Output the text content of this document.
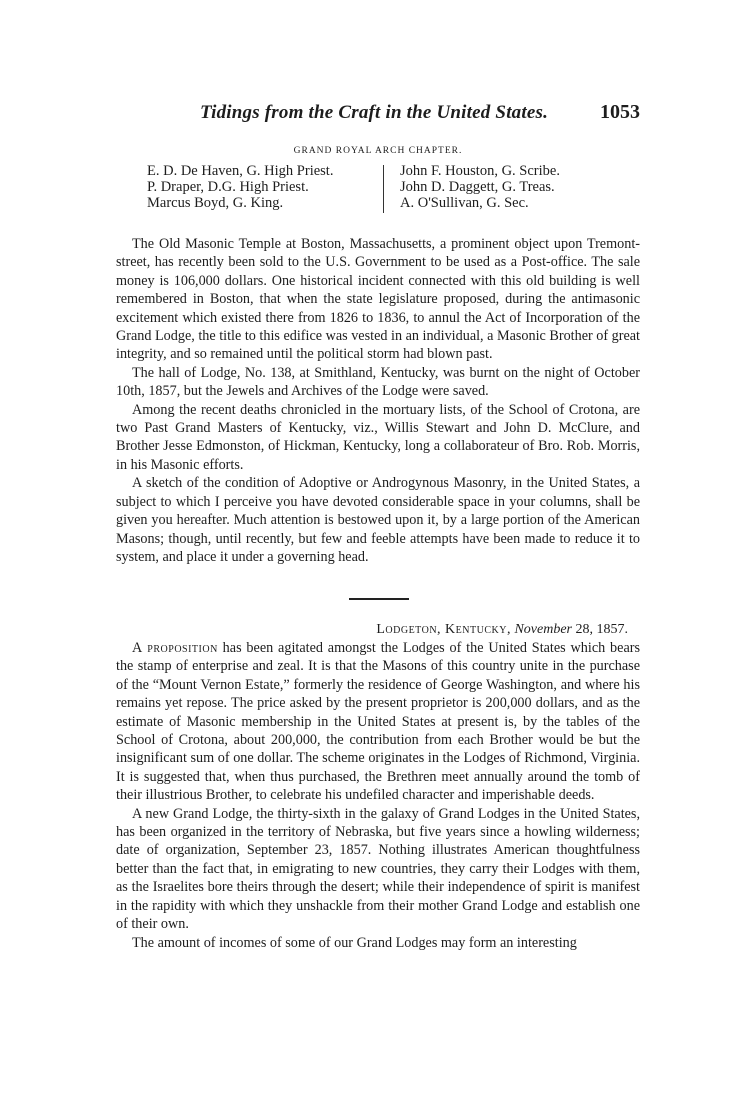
Tidings from the Craft in the United States.	1053
GRAND ROYAL ARCH CHAPTER.
E. D. De Haven, G. High Priest.
P. Draper, D.G. High Priest.
Marcus Boyd, G. King.
John F. Houston, G. Scribe.
John D. Daggett, G. Treas.
A. O'Sullivan, G. Sec.

The Old Masonic Temple at Boston, Massachusetts, a prominent object upon Tremont-street, has recently been sold to the U.S. Government to be used as a Post-office. The sale money is 106,000 dollars. One historical incident connected with this old building is well remembered in Boston, that when the state legislature proposed, during the antimasonic excitement which existed there from 1826 to 1836, to annul the Act of Incorporation of the Grand Lodge, the title to this edifice was vested in an individual, a Masonic Brother of great integrity, and so remained until the political storm had blown past.

The hall of Lodge, No. 138, at Smithland, Kentucky, was burnt on the night of October 10th, 1857, but the Jewels and Archives of the Lodge were saved.

Among the recent deaths chronicled in the mortuary lists, of the School of Crotona, are two Past Grand Masters of Kentucky, viz., Willis Stewart and John D. McClure, and Brother Jesse Edmonston, of Hickman, Kentucky, long a collaborateur of Bro. Rob. Morris, in his Masonic efforts.

A sketch of the condition of Adoptive or Androgynous Masonry, in the United States, a subject to which I perceive you have devoted considerable space in your columns, shall be given you hereafter. Much attention is bestowed upon it, by a large portion of the American Masons; though, until recently, but few and feeble attempts have been made to reduce it to system, and place it under a governing head.

Lodgeton, Kentucky, November 28, 1857.

A proposition has been agitated amongst the Lodges of the United States which bears the stamp of enterprise and zeal. It is that the Masons of this country unite in the purchase of the “Mount Vernon Estate,” formerly the residence of George Washington, and where his remains yet repose. The price asked by the present proprietor is 200,000 dollars, and as the estimate of Masonic membership in the United States at present is, by the tables of the School of Crotona, about 200,000, the contribution from each Brother would be but the insignificant sum of one dollar. The scheme originates in the Lodges of Richmond, Virginia. It is suggested that, when thus purchased, the Brethren meet annually around the tomb of their illustrious Brother, to celebrate his undefiled character and imperishable deeds.

A new Grand Lodge, the thirty-sixth in the galaxy of Grand Lodges in the United States, has been organized in the territory of Nebraska, but five years since a howling wilderness; date of organization, September 23, 1857. Nothing illustrates American thoughtfulness better than the fact that, in emigrating to new countries, they carry their Lodges with them, as the Israelites bore theirs through the desert; while their independence of spirit is manifest in the rapidity with which they unshackle from their mother Grand Lodge and establish one of their own.

The amount of incomes of some of our Grand Lodges may form an interesting
